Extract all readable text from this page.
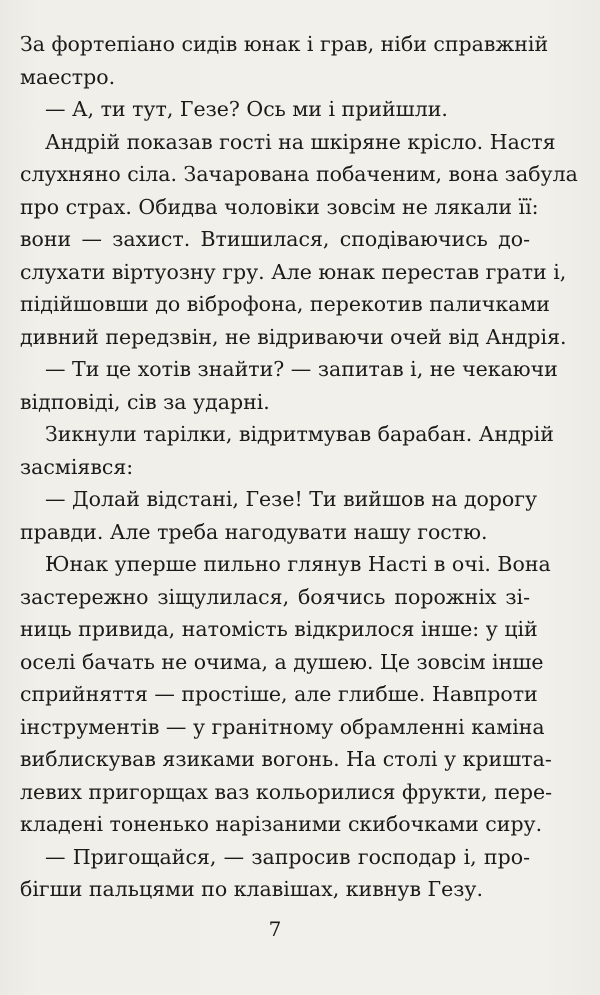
За фортепіано сидів юнак і грав, ніби справжній
маестро.
— А, ти тут, Гезе? Ось ми і прийшли.
Андрій показав гості на шкіряне крісло. Настя
слухняно сіла. Зачарована побаченим, вона забула
про страх. Обидва чоловіки зовсім не лякали її:
вони — захист. Втишилася, сподіваючись до-
слухати віртуозну гру. Але юнак перестав грати і,
підійшовши до віброфона, перекотив паличками
дивний передзвін, не відриваючи очей від Андрія.
— Ти це хотів знайти? — запитав і, не чекаючи
відповіді, сів за ударні.
Зикнули тарілки, відритмував барабан. Андрій
засміявся:
— Долай відстані, Гезе! Ти вийшов на дорогу
правди. Але треба нагодувати нашу гостю.
Юнак уперше пильно глянув Насті в очі. Вона
застережно зіщулилася, боячись порожніх зі-
ниць привида, натомість відкрилося інше: у цій
оселі бачать не очима, а душею. Це зовсім інше
сприйняття — простіше, але глибше. Навпроти
інструментів — у гранітному обрамленні каміна
виблискував язиками вогонь. На столі у кришта-
левих пригорщах ваз кольорилися фрукти, пере-
кладені тоненько нарізаними скибочками сиру.
— Пригощайся, — запросив господар і, про-
бігши пальцями по клавішах, кивнув Гезу.
7
